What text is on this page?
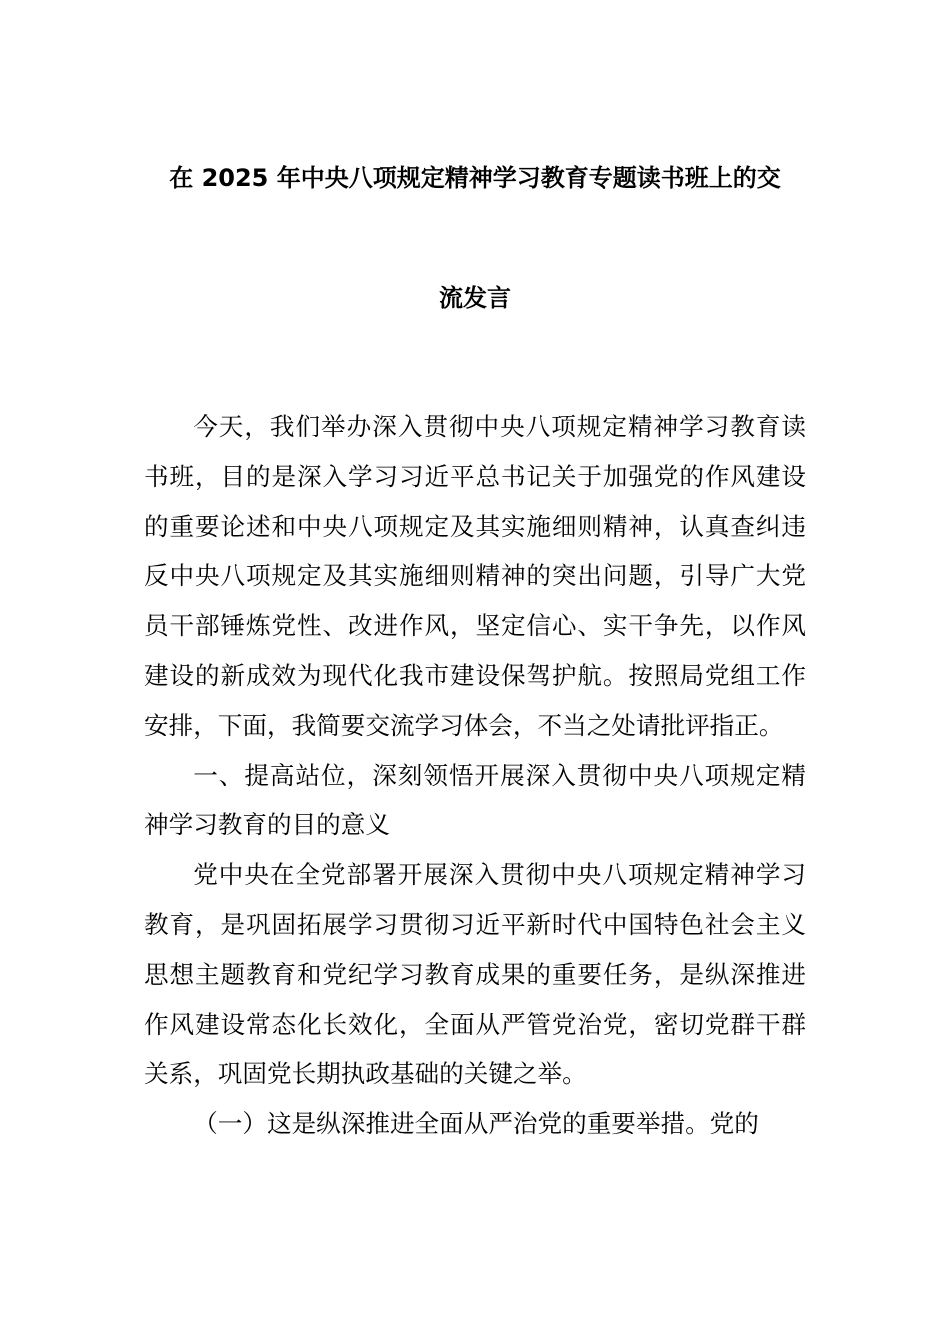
在 2025 年中央八项规定精神学习教育专题读书班上的交
流发言

今天，我们举办深入贯彻中央八项规定精神学习教育读书班，目的是深入学习习近平总书记关于加强党的作风建设的重要论述和中央八项规定及其实施细则精神，认真查纠违反中央八项规定及其实施细则精神的突出问题，引导广大党员干部锤炼党性、改进作风，坚定信心、实干争先，以作风建设的新成效为现代化我市建设保驾护航。按照局党组工作安排，下面，我简要交流学习体会，不当之处请批评指正。

一、提高站位，深刻领悟开展深入贯彻中央八项规定精神学习教育的目的意义

党中央在全党部署开展深入贯彻中央八项规定精神学习教育，是巩固拓展学习贯彻习近平新时代中国特色社会主义思想主题教育和党纪学习教育成果的重要任务，是纵深推进作风建设常态化长效化，全面从严管党治党，密切党群干群关系，巩固党长期执政基础的关键之举。

（一）这是纵深推进全面从严治党的重要举措。党的
